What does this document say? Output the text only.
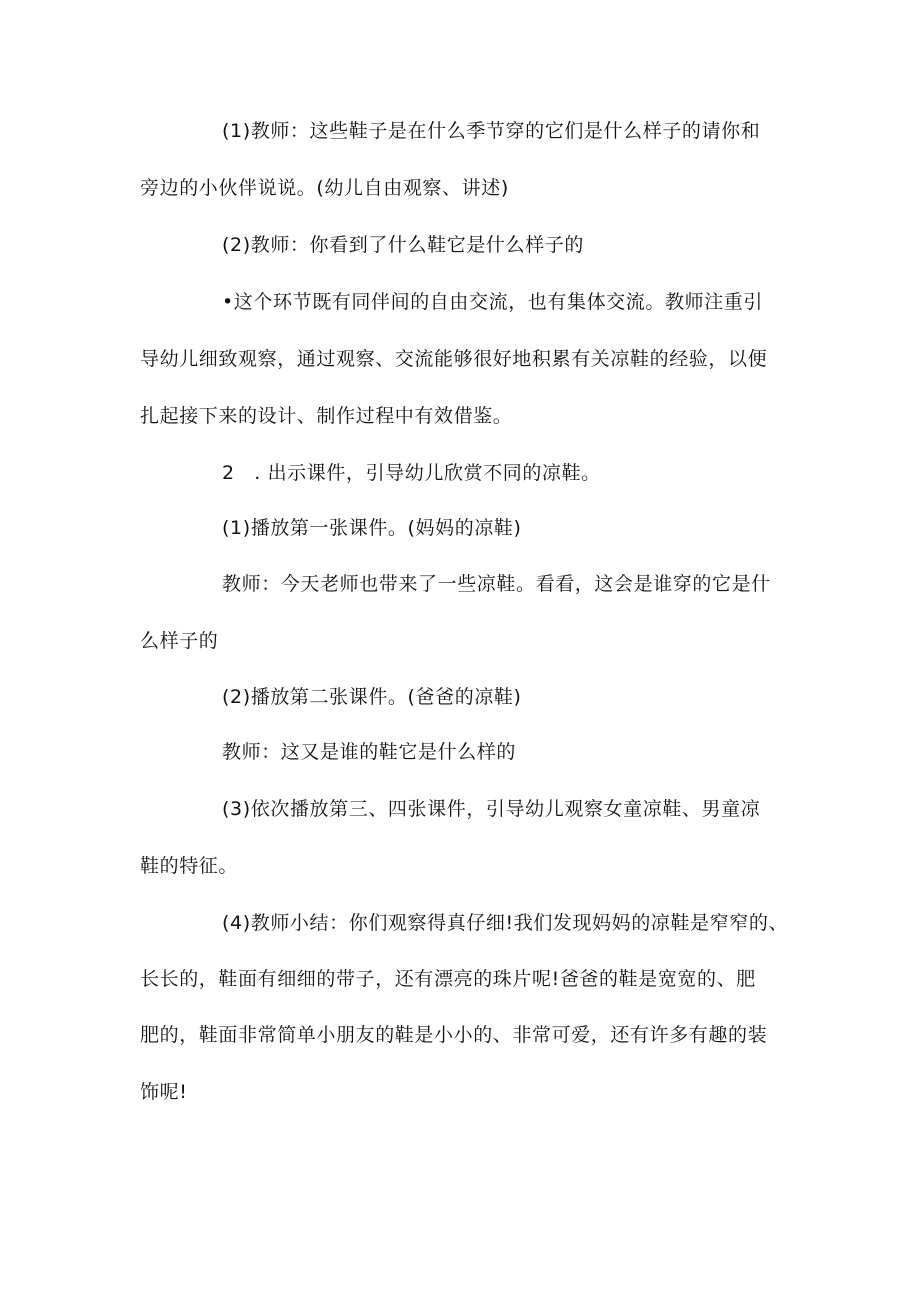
(1)教师：这些鞋子是在什么季节穿的它们是什么样子的请你和
旁边的小伙伴说说。(幼儿自由观察、讲述)
(2)教师：你看到了什么鞋它是什么样子的
•这个环节既有同伴间的自由交流，也有集体交流。教师注重引
导幼儿细致观察，通过观察、交流能够很好地积累有关凉鞋的经验，以便
扎起接下来的设计、制作过程中有效借鉴。
2　. 出示课件，引导幼儿欣赏不同的凉鞋。
(1)播放第一张课件。(妈妈的凉鞋)
教师：今天老师也带来了一些凉鞋。看看，这会是谁穿的它是什
么样子的
(2)播放第二张课件。(爸爸的凉鞋)
教师：这又是谁的鞋它是什么样的
(3)依次播放第三、四张课件，引导幼儿观察女童凉鞋、男童凉
鞋的特征。
(4)教师小结：你们观察得真仔细!我们发现妈妈的凉鞋是窄窄的、
长长的，鞋面有细细的带子，还有漂亮的珠片呢!爸爸的鞋是宽宽的、肥
肥的，鞋面非常简单小朋友的鞋是小小的、非常可爱，还有许多有趣的装
饰呢!
